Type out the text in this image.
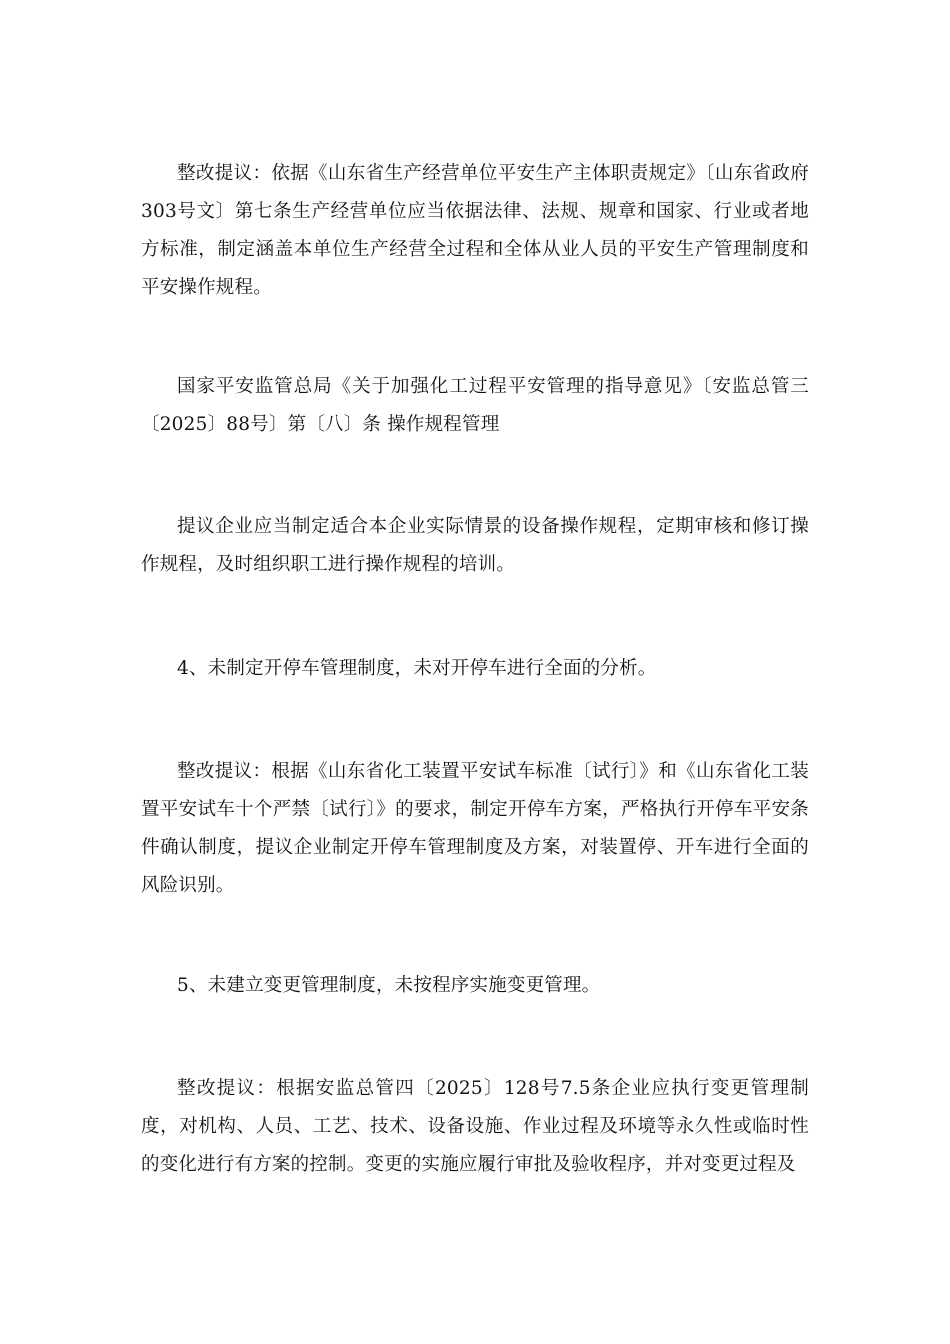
整改提议：依据《山东省生产经营单位平安生产主体职责规定》〔山东省政府303号文〕第七条生产经营单位应当依据法律、法规、规章和国家、行业或者地方标准，制定涵盖本单位生产经营全过程和全体从业人员的平安生产管理制度和平安操作规程。

国家平安监管总局《关于加强化工过程平安管理的指导意见》〔安监总管三〔2025〕88号〕第〔八〕条 操作规程管理

提议企业应当制定适合本企业实际情景的设备操作规程，定期审核和修订操作规程，及时组织职工进行操作规程的培训。

4、未制定开停车管理制度，未对开停车进行全面的分析。

整改提议：根据《山东省化工装置平安试车标准〔试行〕》和《山东省化工装置平安试车十个严禁〔试行〕》的要求，制定开停车方案，严格执行开停车平安条件确认制度，提议企业制定开停车管理制度及方案，对装置停、开车进行全面的风险识别。

5、未建立变更管理制度，未按程序实施变更管理。

整改提议：根据安监总管四〔2025〕128号7.5条企业应执行变更管理制度，对机构、人员、工艺、技术、设备设施、作业过程及环境等永久性或临时性的变化进行有方案的控制。变更的实施应履行审批及验收程序，并对变更过程及
